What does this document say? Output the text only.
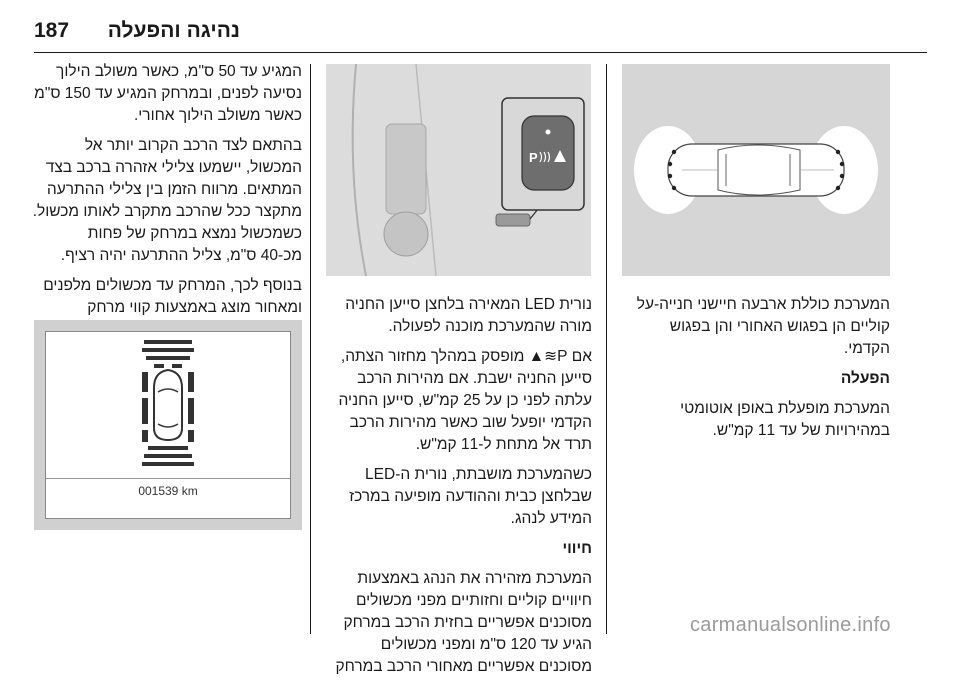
187	נהיגה והפעלה
P

המערכת כוללת ארבעה חיישני חנייה-על
קוליים הן בפגוש האחורי והן בפגוש
הקדמי.

הפעלה

המערכת מופעלת באופן אוטומטי
במהירויות של עד 11 קמ"ש.

נורית LED המאירה בלחצן סייען החניה
מורה שהמערכת מוכנה לפעולה.

אם P≋▲ מופסק במהלך מחזור הצתה,
סייען החניה ישבת. אם מהירות הרכב
עלתה לפני כן על 25 קמ"ש, סייען החניה
הקדמי יופעל שוב כאשר מהירות הרכב
תרד אל מתחת ל-11 קמ"ש.

כשהמערכת מושבתת, נורית ה-LED
שבלחצן כבית וההודעה מופיעה במרכז
המידע לנהג.

חיווי

המערכת מזהירה את הנהג באמצעות
חיוויים קוליים וחזותיים מפני מכשולים
מסוכנים אפשריים בחזית הרכב במרחק
הגיע עד 120 ס"מ ומפני מכשולים
מסוכנים אפשריים מאחורי הרכב במרחק

המגיע עד 50 ס"מ, כאשר משולב הילוך
נסיעה לפנים, ובמרחק המגיע עד 150 ס"מ
כאשר משולב הילוך אחורי.

בהתאם לצד הרכב הקרוב יותר אל
המכשול, יישמעו צלילי אזהרה ברכב בצד
המתאים. מרווח הזמן בין צלילי ההתרעה
מתקצר ככל שהרכב מתקרב לאותו מכשול.
כשמכשול נמצא במרחק של פחות
מכ-40 ס"מ, צליל ההתרעה יהיה רציף.

בנוסף לכך, המרחק עד מכשולים מלפנים
ומאחור מוצג באמצעות קווי מרחק

001539 km
carmanualsonline.info
